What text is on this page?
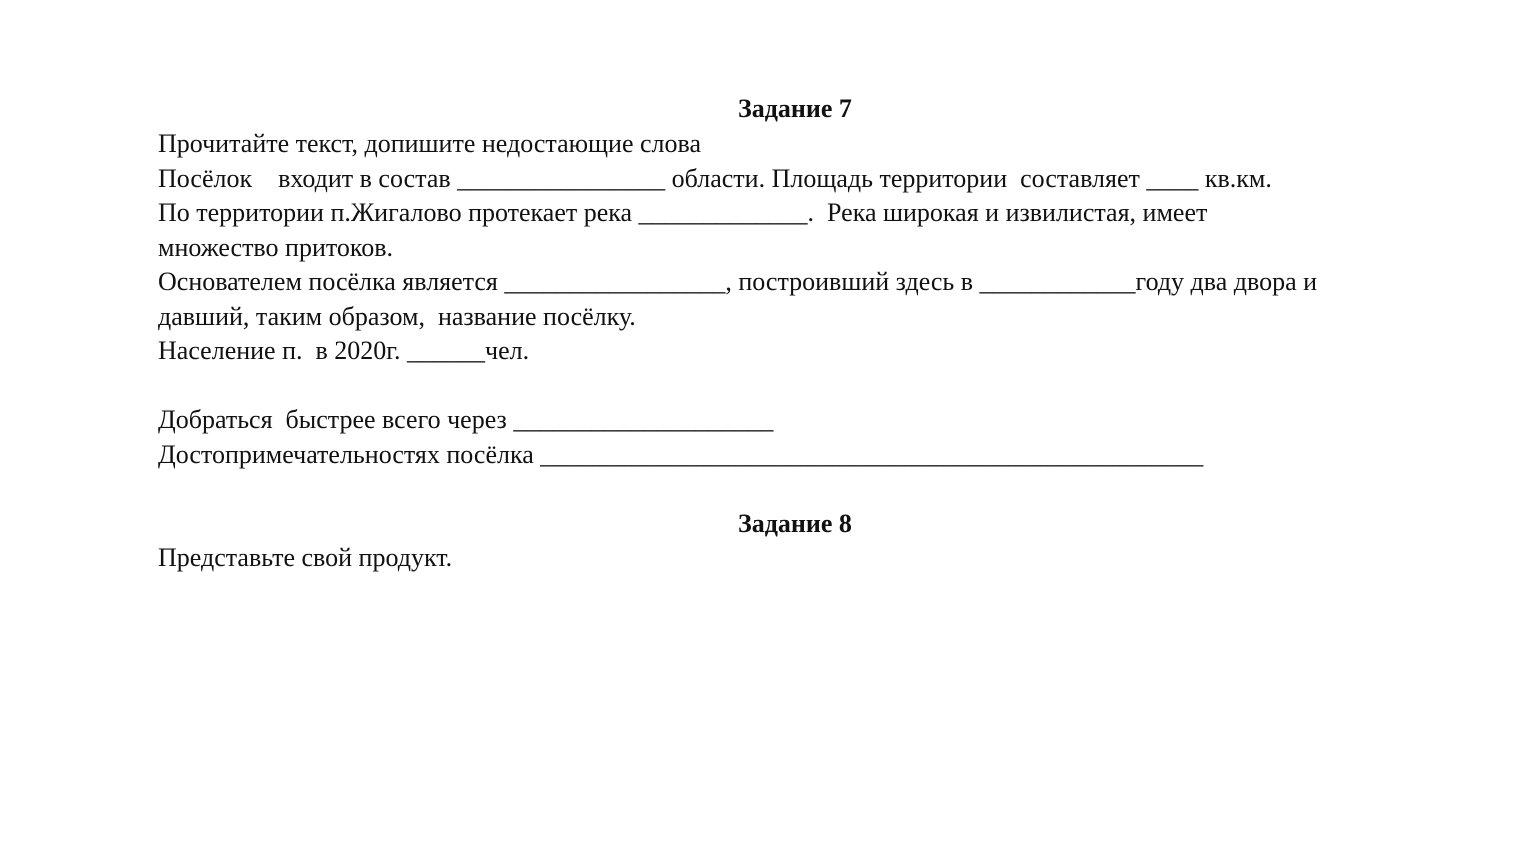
Задание 7

Прочитайте текст, допишите недостающие слова

Посёлок    входит в состав ________________ области. Площадь территории  составляет ____ кв.км.

По территории п.Жигалово протекает река _____________.  Река широкая и извилистая, имеет

множество притоков.

Основателем посёлка является _________________, построивший здесь в ____________году два двора и

давший, таким образом,  название посёлку.

Население п.  в 2020г. ______чел.

Добраться  быстрее всего через ____________________

Достопримечательностях посёлка ___________________________________________________

Задание 8

Представьте свой продукт.
